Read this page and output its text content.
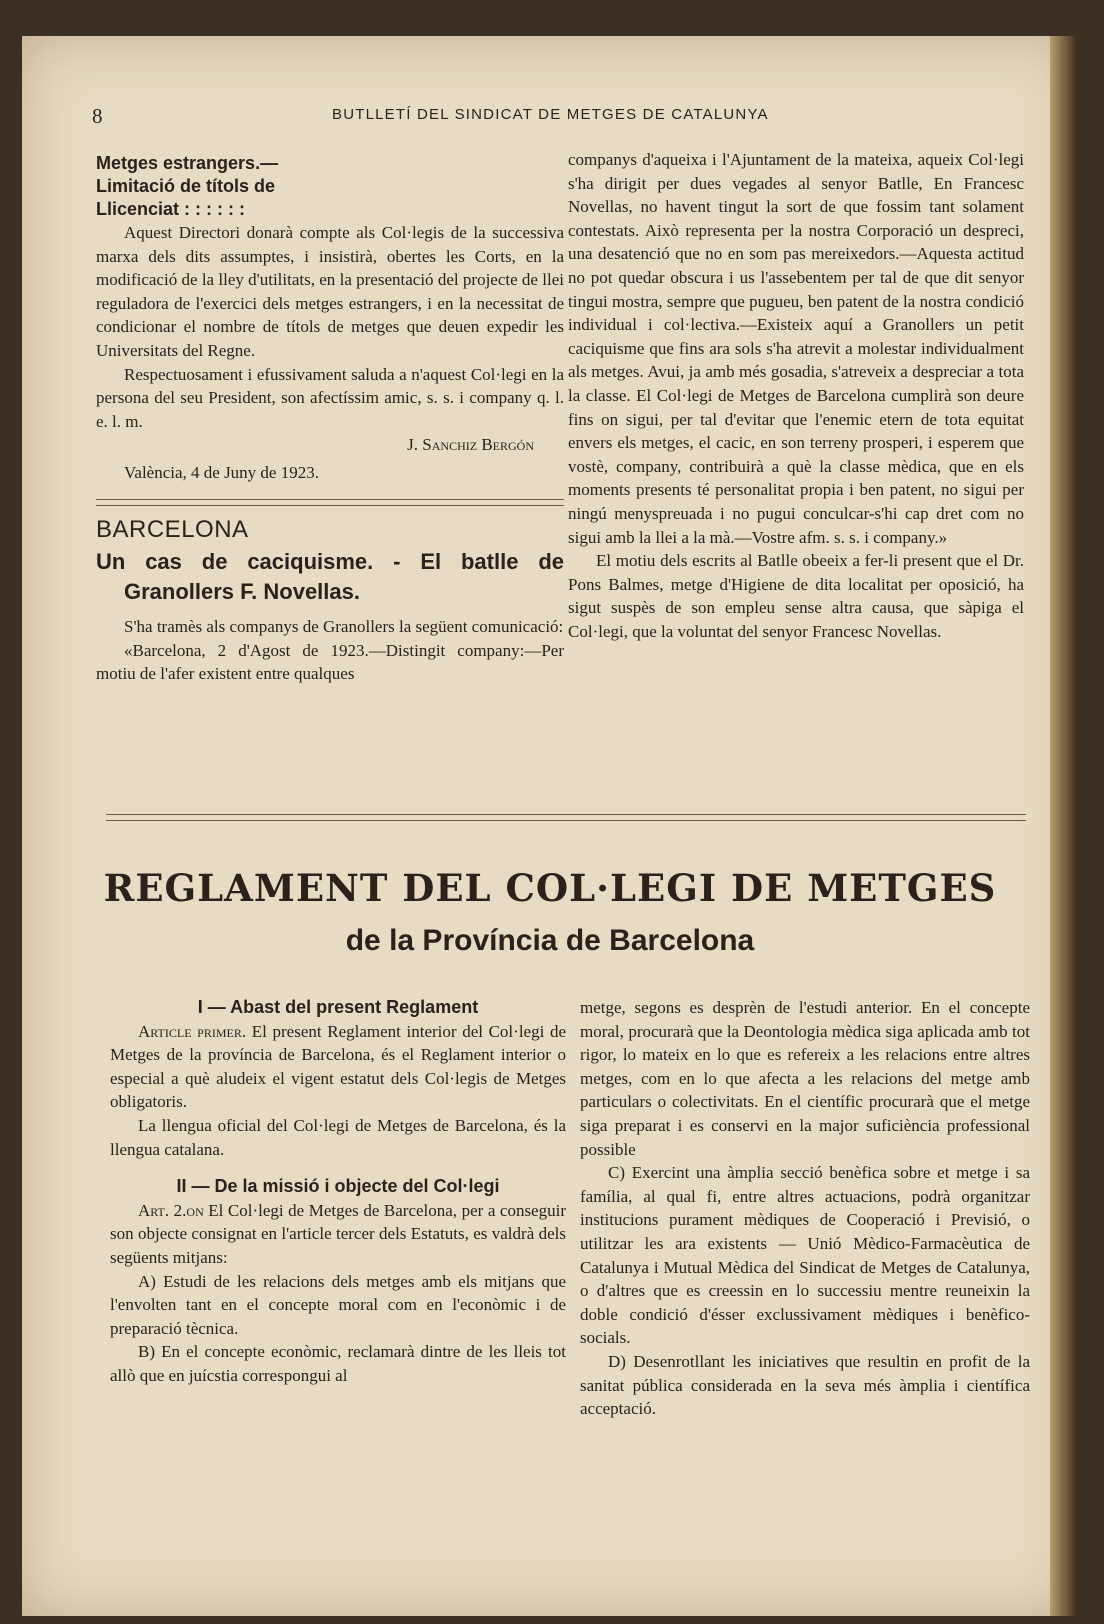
8	BUTLLETÍ DEL SINDICAT DE METGES DE CATALUNYA

Metges estrangers.—Limitació de títols de Llicenciat : : : : : :

Aquest Directori donarà compte als Col·legis de la successiva marxa dels dits assumptes, i insistirà, obertes les Corts, en la modificació de la lley d'utilitats, en la presentació del projecte de llei reguladora de l'exercici dels metges estrangers, i en la necessitat de condicionar el nombre de títols de metges que deuen expedir les Universitats del Regne.

Respectuosament i efussivament saluda a n'aquest Col·legi en la persona del seu President, son afectíssim amic, s. s. i company q. l. e. l. m.

J. Sanchiz Bergón

València, 4 de Juny de 1923.

BARCELONA
Un cas de caciquisme. - El batlle de Granollers F. Novellas.

S'ha tramès als companys de Granollers la següent comunicació:

«Barcelona, 2 d'Agost de 1923.—Distingit company:—Per motiu de l'afer existent entre qualques

companys d'aqueixa i l'Ajuntament de la mateixa, aqueix Col·legi s'ha dirigit per dues vegades al senyor Batlle, En Francesc Novellas, no havent tingut la sort de que fossim tant solament contestats. Això representa per la nostra Corporació un despreci, una desatenció que no en som pas mereixedors.—Aquesta actitud no pot quedar obscura i us l'assebentem per tal de que dit senyor tingui mostra, sempre que pugueu, ben patent de la nostra condició individual i col·lectiva.—Existeix aquí a Granollers un petit caciquisme que fins ara sols s'ha atrevit a molestar individualment als metges. Avui, ja amb més gosadia, s'atreveix a despreciar a tota la classe. El Col·legi de Metges de Barcelona cumplirà son deure fins on sigui, per tal d'evitar que l'enemic etern de tota equitat envers els metges, el cacic, en son terreny prosperi, i esperem que vostè, company, contribuirà a què la classe mèdica, que en els moments presents té personalitat propia i ben patent, no sigui per ningú menyspreuada i no pugui conculcar-s'hi cap dret com no sigui amb la llei a la mà.—Vostre afm. s. s. i company.»

El motiu dels escrits al Batlle obeeix a fer-li present que el Dr. Pons Balmes, metge d'Higiene de dita localitat per oposició, ha sigut suspès de son empleu sense altra causa, que sàpiga el Col·legi, que la voluntat del senyor Francesc Novellas.

REGLAMENT DEL COL·LEGI DE METGES
de la Província de Barcelona

I — Abast del present Reglament

Article primer. El present Reglament interior del Col·legi de Metges de la província de Barcelona, és el Reglament interior o especial a què aludeix el vigent estatut dels Col·legis de Metges obligatoris.

La llengua oficial del Col·legi de Metges de Barcelona, és la llengua catalana.

II — De la missió i objecte del Col·legi

Art. 2.on El Col·legi de Metges de Barcelona, per a conseguir son objecte consignat en l'article tercer dels Estatuts, es valdrà dels següents mitjans:

A) Estudi de les relacions dels metges amb els mitjans que l'envolten tant en el concepte moral com en l'econòmic i de preparació tècnica.

B) En el concepte econòmic, reclamarà dintre de les lleis tot allò que en juícstia correspongui al

metge, segons es desprèn de l'estudi anterior. En el concepte moral, procurarà que la Deontologia mèdica siga aplicada amb tot rigor, lo mateix en lo que es refereix a les relacions entre altres metges, com en lo que afecta a les relacions del metge amb particulars o colectivitats. En el científic procurarà que el metge siga preparat i es conservi en la major suficiència professional possible

C) Exercint una àmplia secció benèfica sobre et metge i sa família, al qual fi, entre altres actuacions, podrà organitzar institucions purament mèdiques de Cooperació i Previsió, o utilitzar les ara existents — Unió Mèdico-Farmacèutica de Catalunya i Mutual Mèdica del Sindicat de Metges de Catalunya, o d'altres que es creessin en lo successiu mentre reuneixin la doble condició d'ésser exclussivament mèdiques i benèfico-socials.

D) Desenrotllant les iniciatives que resultin en profit de la sanitat pública considerada en la seva més àmplia i científica acceptació.
